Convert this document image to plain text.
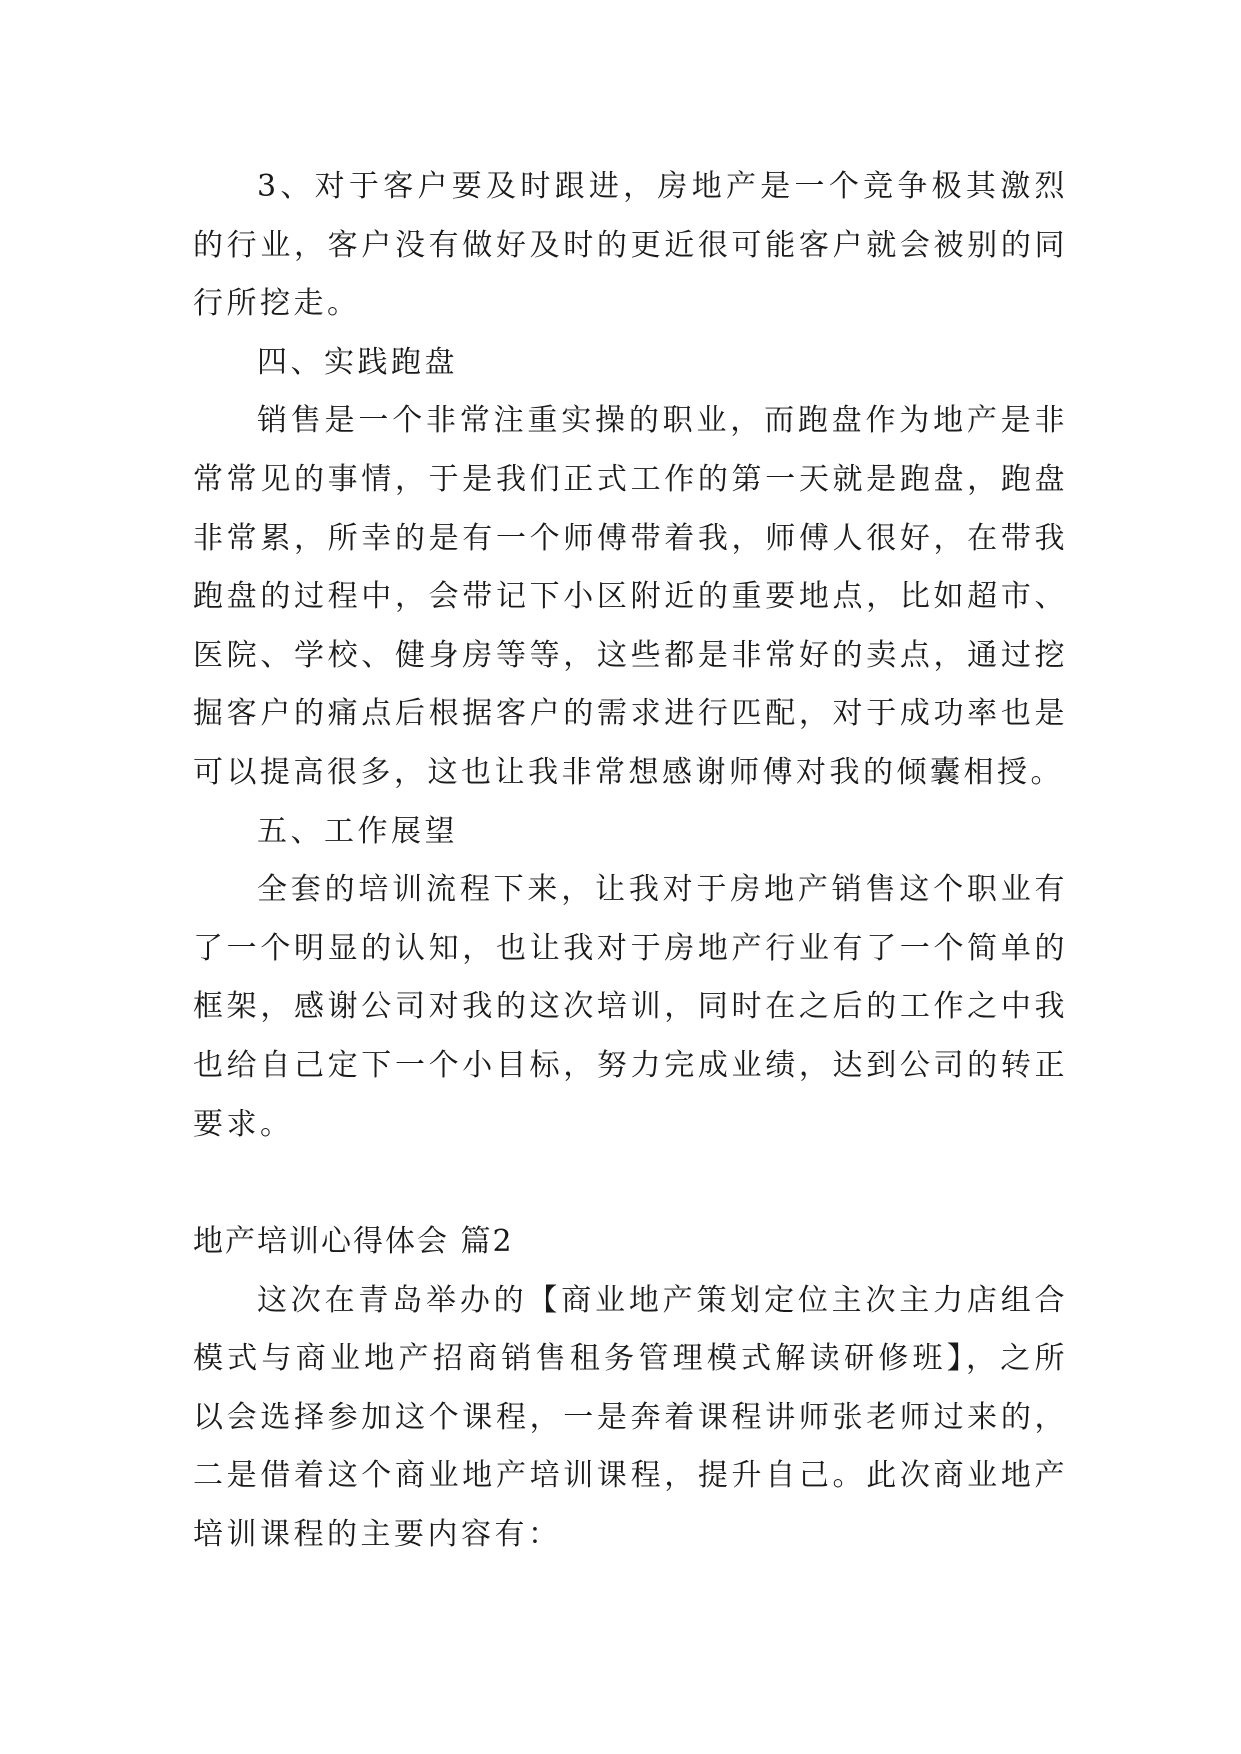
3、对于客户要及时跟进，房地产是一个竞争极其激烈的行业，客户没有做好及时的更近很可能客户就会被别的同行所挖走。

四、实践跑盘

销售是一个非常注重实操的职业，而跑盘作为地产是非常常见的事情，于是我们正式工作的第一天就是跑盘，跑盘非常累，所幸的是有一个师傅带着我，师傅人很好，在带我跑盘的过程中，会带记下小区附近的重要地点，比如超市、医院、学校、健身房等等，这些都是非常好的卖点，通过挖掘客户的痛点后根据客户的需求进行匹配，对于成功率也是可以提高很多，这也让我非常想感谢师傅对我的倾囊相授。

五、工作展望

全套的培训流程下来，让我对于房地产销售这个职业有了一个明显的认知，也让我对于房地产行业有了一个简单的框架，感谢公司对我的这次培训，同时在之后的工作之中我也给自己定下一个小目标，努力完成业绩，达到公司的转正要求。

地产培训心得体会 篇2

这次在青岛举办的【商业地产策划定位主次主力店组合模式与商业地产招商销售租务管理模式解读研修班】，之所以会选择参加这个课程，一是奔着课程讲师张老师过来的，二是借着这个商业地产培训课程，提升自己。此次商业地产培训课程的主要内容有：
